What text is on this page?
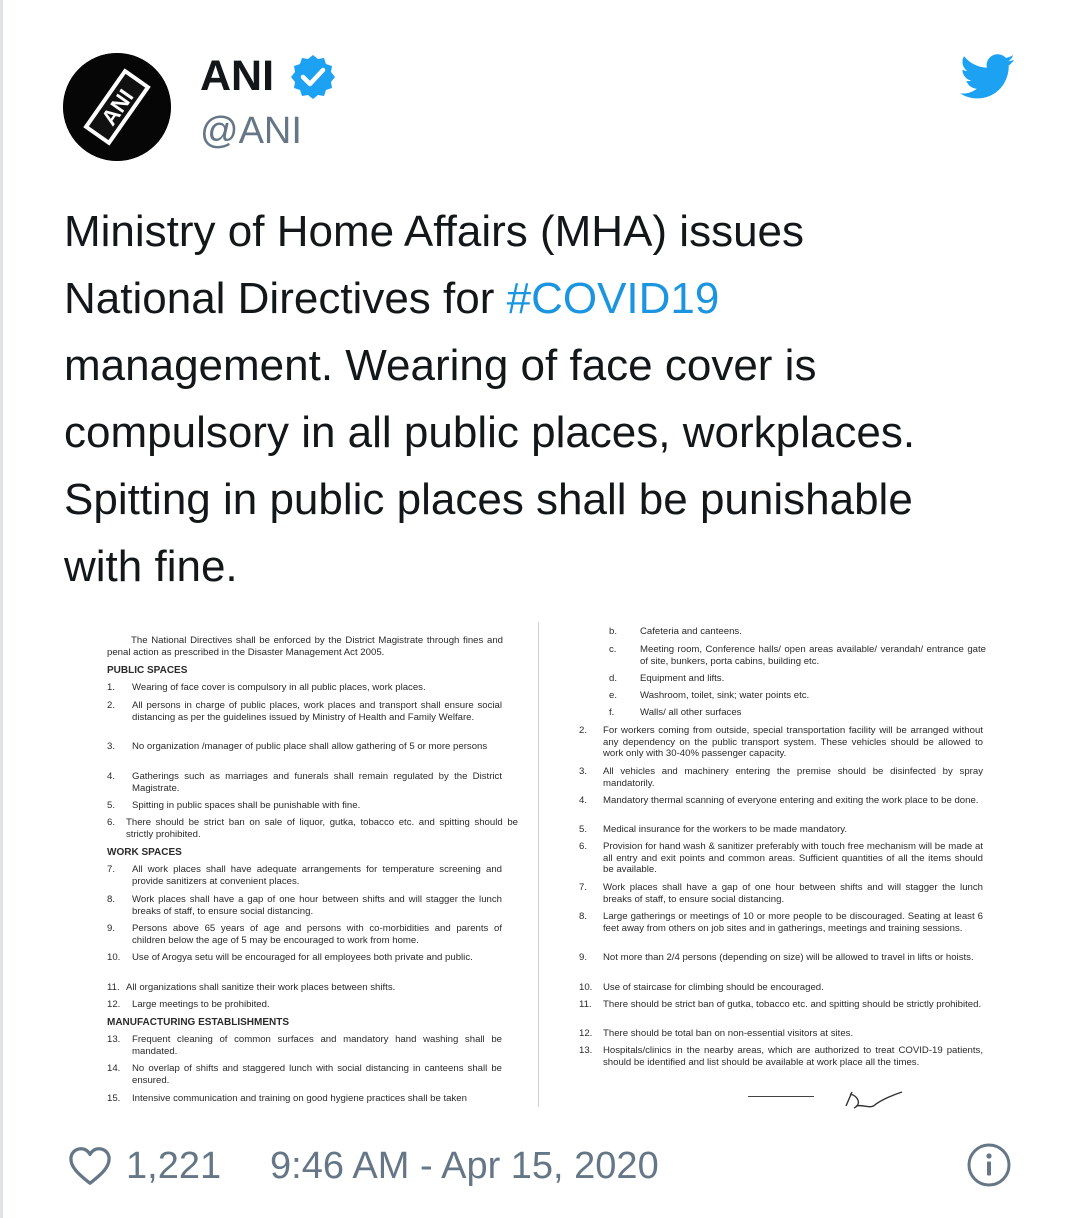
ANI
ANI
@ANI
Ministry of Home Affairs (MHA) issues
National Directives for #COVID19
management. Wearing of face cover is
compulsory in all public places, workplaces.
Spitting in public places shall be punishable
with fine.
The National Directives shall be enforced by the District Magistrate through fines and penal action as prescribed in the Disaster Management Act 2005.
PUBLIC SPACES
1. Wearing of face cover is compulsory in all public places, work places.
2. All persons in charge of public places, work places and transport shall ensure social distancing as per the guidelines issued by Ministry of Health and Family Welfare.
3. No organization /manager of public place shall allow gathering of 5 or more persons
4. Gatherings such as marriages and funerals shall remain regulated by the District Magistrate.
5. Spitting in public spaces shall be punishable with fine.
6. There should be strict ban on sale of liquor, gutka, tobacco etc. and spitting should be strictly prohibited.
WORK SPACES
7. All work places shall have adequate arrangements for temperature screening and provide sanitizers at convenient places.
8. Work places shall have a gap of one hour between shifts and will stagger the lunch breaks of staff, to ensure social distancing.
9. Persons above 65 years of age and persons with co-morbidities and parents of children below the age of 5 may be encouraged to work from home.
10. Use of Arogya setu will be encouraged for all employees both private and public.
11. All organizations shall sanitize their work places between shifts.
12. Large meetings to be prohibited.
MANUFACTURING ESTABLISHMENTS
13. Frequent cleaning of common surfaces and mandatory hand washing shall be mandated.
14. No overlap of shifts and staggered lunch with social distancing in canteens shall be ensured.
15. Intensive communication and training on good hygiene practices shall be taken
b. Cafeteria and canteens.
c. Meeting room, Conference halls/ open areas available/ verandah/ entrance gate of site, bunkers, porta cabins, building etc.
d. Equipment and lifts.
e. Washroom, toilet, sink; water points etc.
f.	Walls/ all other surfaces
2. For workers coming from outside, special transportation facility will be arranged without any dependency on the public transport system. These vehicles should be allowed to work only with 30-40% passenger capacity.
3. All vehicles and machinery entering the premise should be disinfected by spray mandatorily.
4. Mandatory thermal scanning of everyone entering and exiting the work place to be done.
5. Medical insurance for the workers to be made mandatory.
6. Provision for hand wash & sanitizer preferably with touch free mechanism will be made at all entry and exit points and common areas. Sufficient quantities of all the items should be available.
7. Work places shall have a gap of one hour between shifts and will stagger the lunch breaks of staff, to ensure social distancing.
8. Large gatherings or meetings of 10 or more people to be discouraged. Seating at least 6 feet away from others on job sites and in gatherings, meetings and training sessions.
9. Not more than 2/4 persons (depending on size) will be allowed to travel in lifts or hoists.
10. Use of staircase for climbing should be encouraged.
11. There should be strict ban of gutka, tobacco etc. and spitting should be strictly prohibited.
12. There should be total ban on non-essential visitors at sites.
13. Hospitals/clinics in the nearby areas, which are authorized to treat COVID-19 patients, should be identified and list should be available at work place all the times.
1,221 9:46 AM - Apr 15, 2020
